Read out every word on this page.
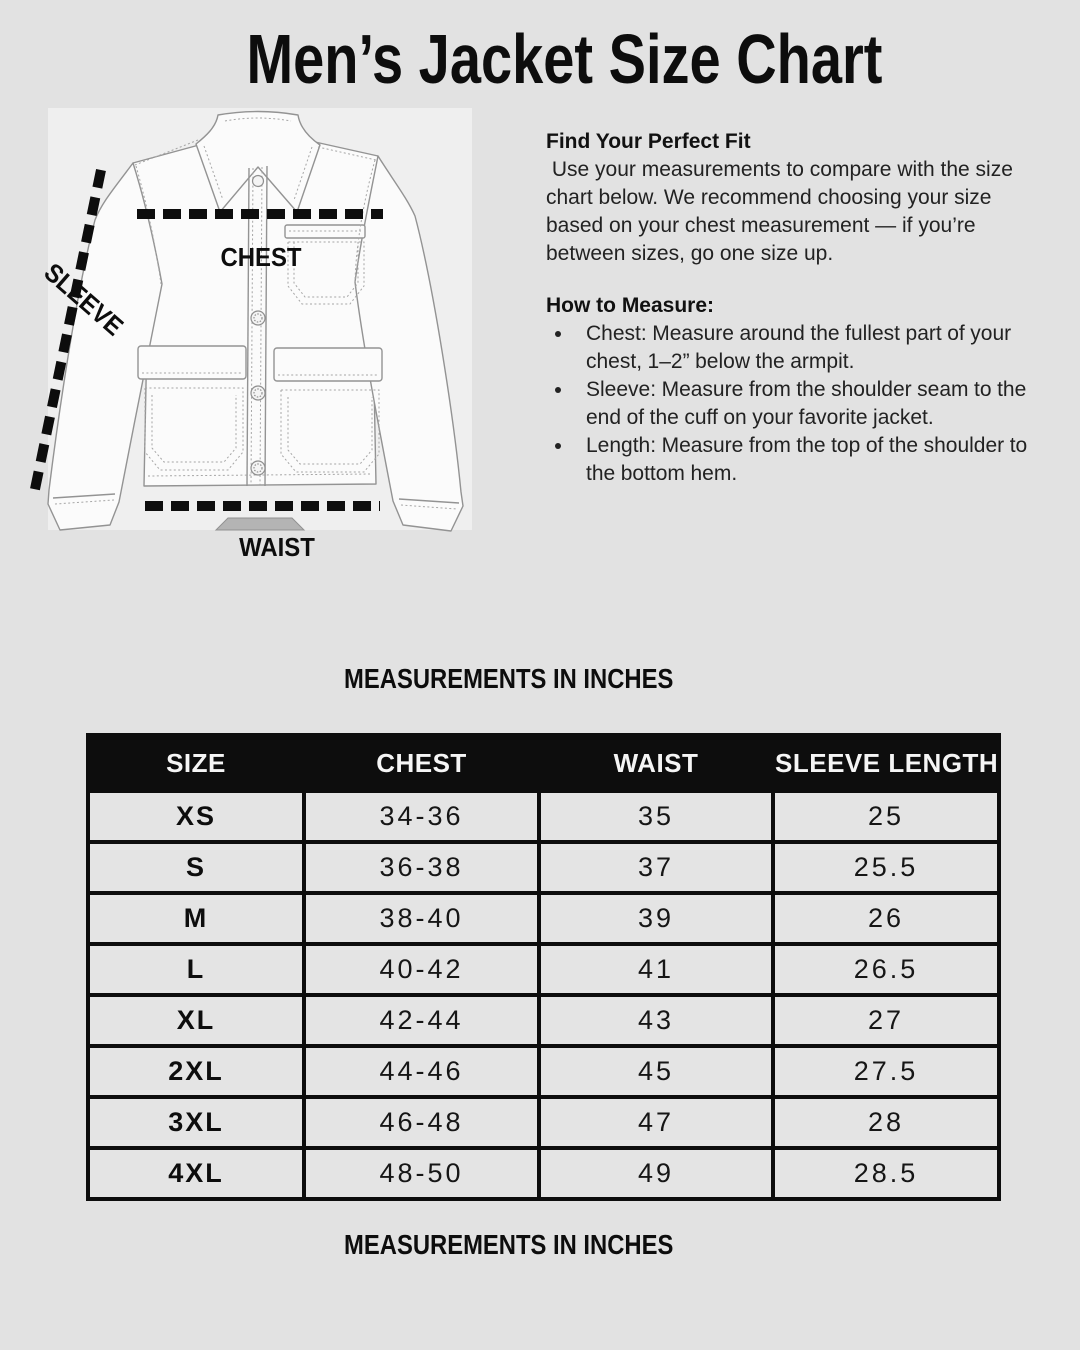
Men’s Jacket Size Chart
CHEST
SLEEVE
WAIST

Find Your Perfect Fit

Use your measurements to compare with the size chart below. We recommend choosing your size based on your chest measurement — if you’re between sizes, go one size up.

How to Measure:

• Chest: Measure around the fullest part of your chest, 1–2” below the armpit.
• Sleeve: Measure from the shoulder seam to the end of the cuff on your favorite jacket.
• Length: Measure from the top of the shoulder to the bottom hem.
MEASUREMENTS IN INCHES
SIZE	CHEST	WAIST	SLEEVE LENGTH
XS	34-36	35	25
S	36-38	37	25.5
M	38-40	39	26
L	40-42	41	26.5
XL	42-44	43	27
2XL	44-46	45	27.5
3XL	46-48	47	28
4XL	48-50	49	28.5
MEASUREMENTS IN INCHES
